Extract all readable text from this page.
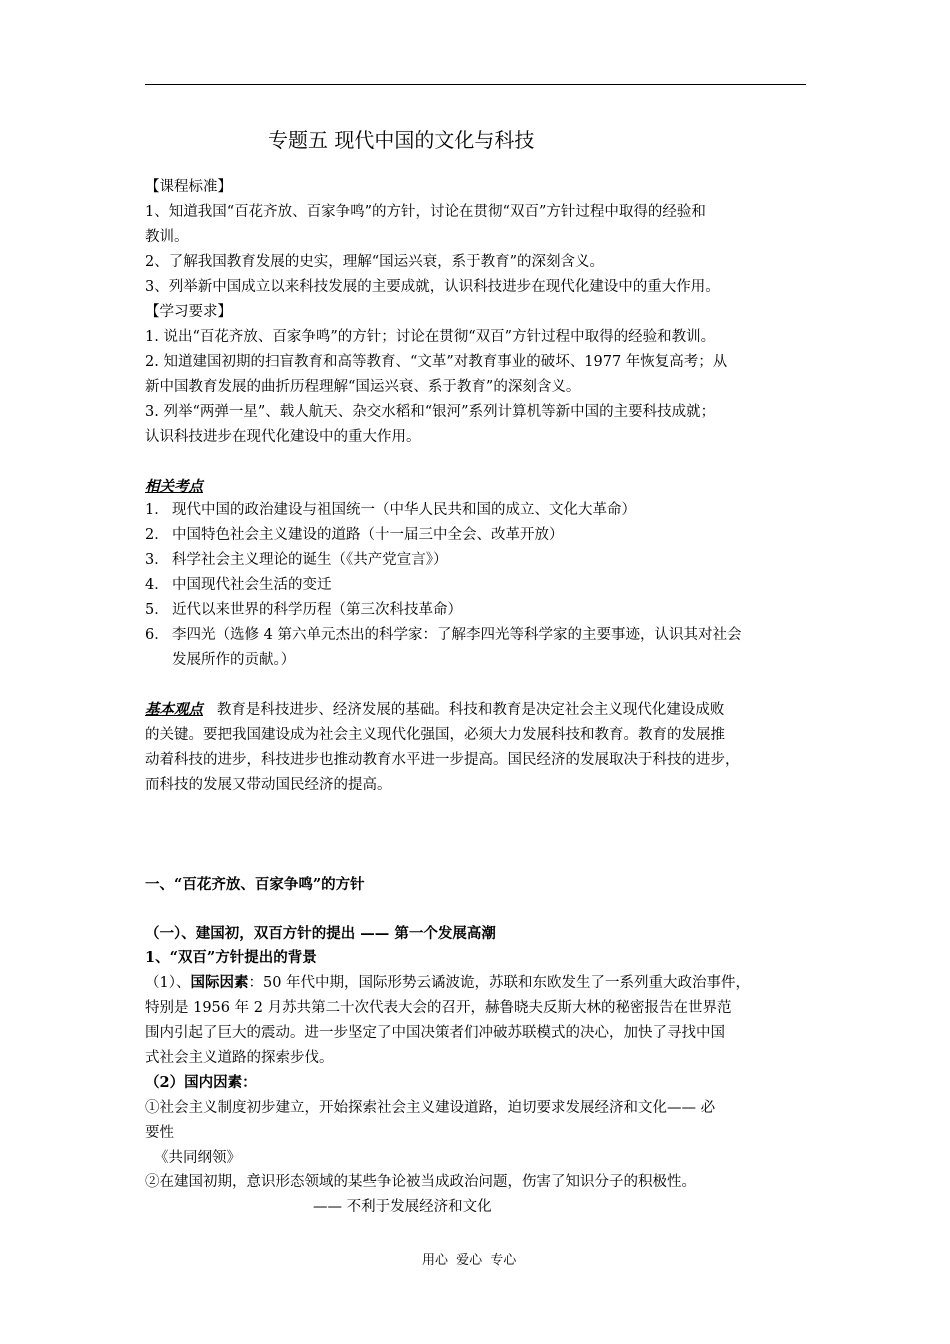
专题五 现代中国的文化与科技
【课程标准】
1、知道我国“百花齐放、百家争鸣”的方针，讨论在贯彻“双百”方针过程中取得的经验和
教训。
2、了解我国教育发展的史实，理解“国运兴衰，系于教育”的深刻含义。
3、列举新中国成立以来科技发展的主要成就，认识科技进步在现代化建设中的重大作用。
【学习要求】
1. 说出“百花齐放、百家争鸣”的方针；讨论在贯彻“双百”方针过程中取得的经验和教训。
2. 知道建国初期的扫盲教育和高等教育、“文革”对教育事业的破坏、1977 年恢复高考；从
新中国教育发展的曲折历程理解“国运兴衰、系于教育”的深刻含义。
3. 列举“两弹一星”、载人航天、杂交水稻和“银河”系列计算机等新中国的主要科技成就；
认识科技进步在现代化建设中的重大作用。
相关考点
1． 现代中国的政治建设与祖国统一（中华人民共和国的成立、文化大革命）
2． 中国特色社会主义建设的道路（十一届三中全会、改革开放）
3． 科学社会主义理论的诞生（《共产党宣言》）
4． 中国现代社会生活的变迁
5． 近代以来世界的科学历程（第三次科技革命）
6． 李四光（选修 4 第六单元杰出的科学家：了解李四光等科学家的主要事迹，认识其对社会
发展所作的贡献。）
基本观点 教育是科技进步、经济发展的基础。科技和教育是决定社会主义现代化建设成败
的关键。要把我国建设成为社会主义现代化强国，必须大力发展科技和教育。教育的发展推
动着科技的进步，科技进步也推动教育水平进一步提高。国民经济的发展取决于科技的进步，
而科技的发展又带动国民经济的提高。
一、“百花齐放、百家争鸣”的方针
（一）、建国初，双百方针的提出 —— 第一个发展高潮
1、“双百”方针提出的背景
（1）、国际因素：50 年代中期，国际形势云谲波诡，苏联和东欧发生了一系列重大政治事件，
特别是 1956 年 2 月苏共第二十次代表大会的召开，赫鲁晓夫反斯大林的秘密报告在世界范
围内引起了巨大的震动。进一步坚定了中国决策者们冲破苏联模式的决心，加快了寻找中国
式社会主义道路的探索步伐。
（2）国内因素：
①社会主义制度初步建立，开始探索社会主义建设道路，迫切要求发展经济和文化—— 必
要性
《共同纲领》
②在建国初期，意识形态领域的某些争论被当成政治问题，伤害了知识分子的积极性。
—— 不利于发展经济和文化
用心 爱心 专心
